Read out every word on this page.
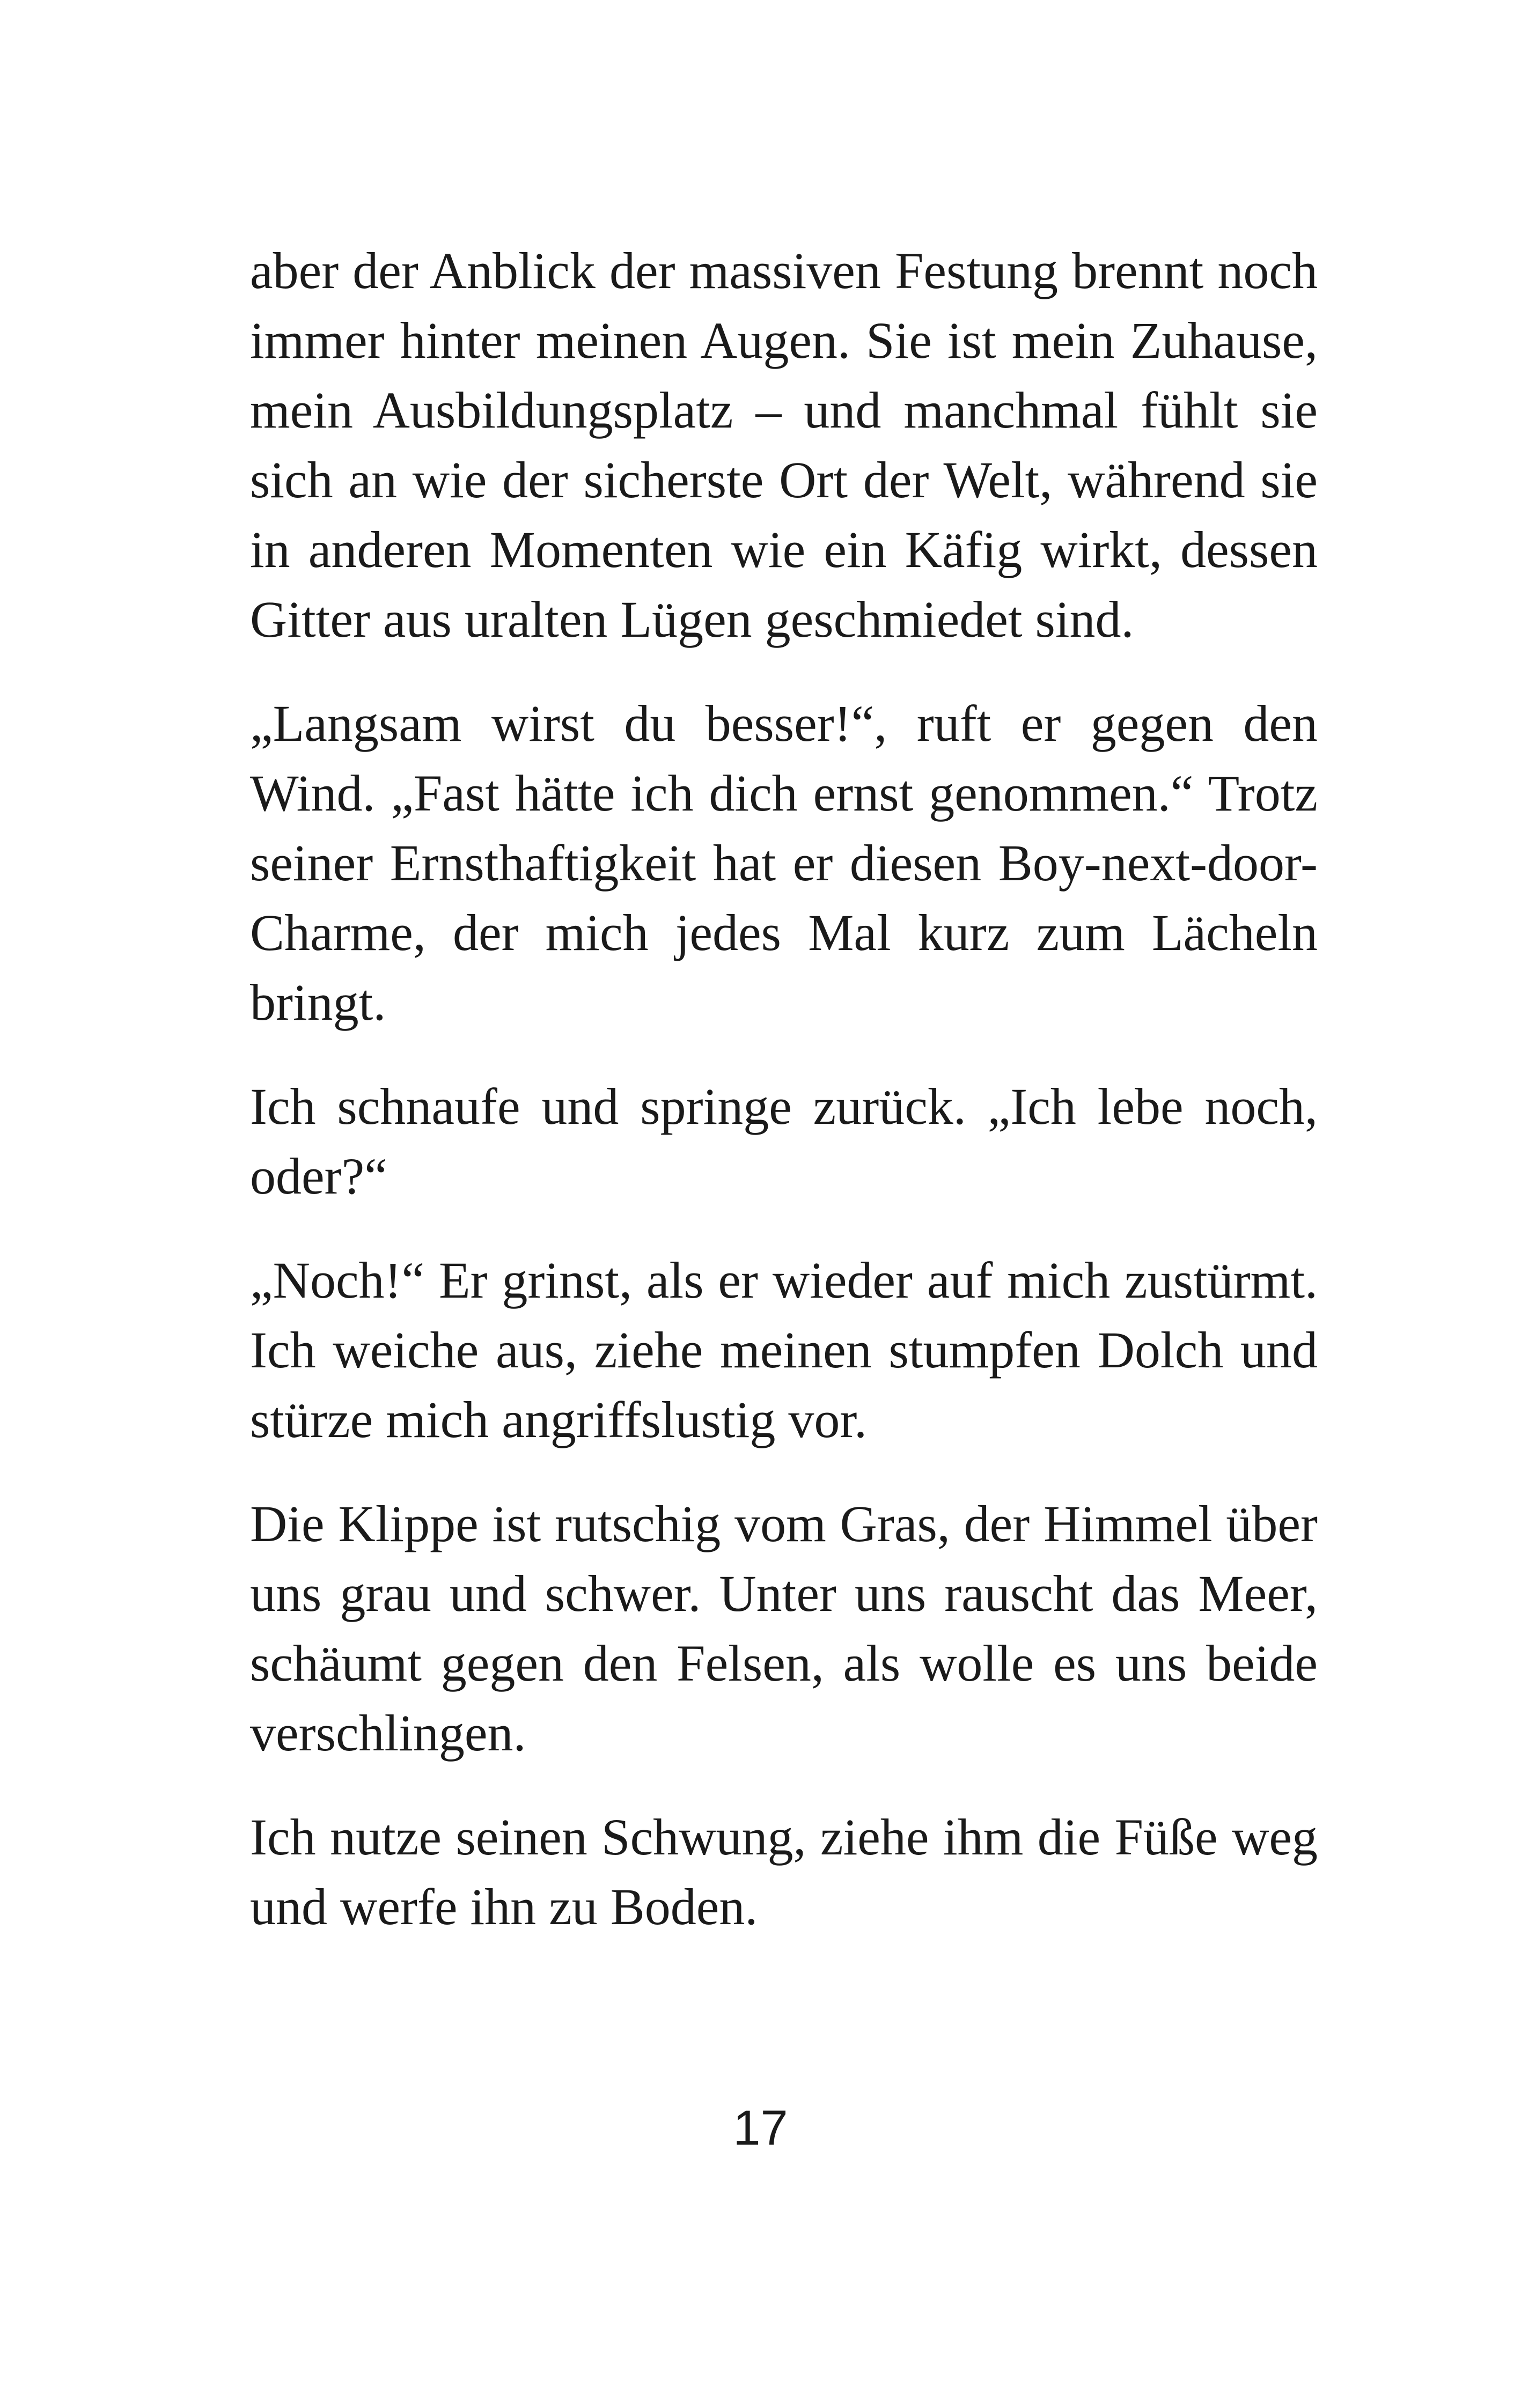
aber der Anblick der massiven Festung brennt noch immer hinter meinen Augen. Sie ist mein Zuhause, mein Ausbildungsplatz – und manchmal fühlt sie sich an wie der sicherste Ort der Welt, während sie in anderen Momenten wie ein Käfig wirkt, dessen Gitter aus uralten Lügen geschmiedet sind.

„Langsam wirst du besser!“, ruft er gegen den Wind. „Fast hätte ich dich ernst genommen.“ Trotz seiner Ernsthaftigkeit hat er diesen Boy-next-door-Charme, der mich jedes Mal kurz zum Lächeln bringt.

Ich schnaufe und springe zurück. „Ich lebe noch, oder?“

„Noch!“ Er grinst, als er wieder auf mich zustürmt. Ich weiche aus, ziehe meinen stumpfen Dolch und stürze mich angriffslustig vor.

Die Klippe ist rutschig vom Gras, der Himmel über uns grau und schwer. Unter uns rauscht das Meer, schäumt gegen den Felsen, als wolle es uns beide verschlingen.

Ich nutze seinen Schwung, ziehe ihm die Füße weg und werfe ihn zu Boden.

17
